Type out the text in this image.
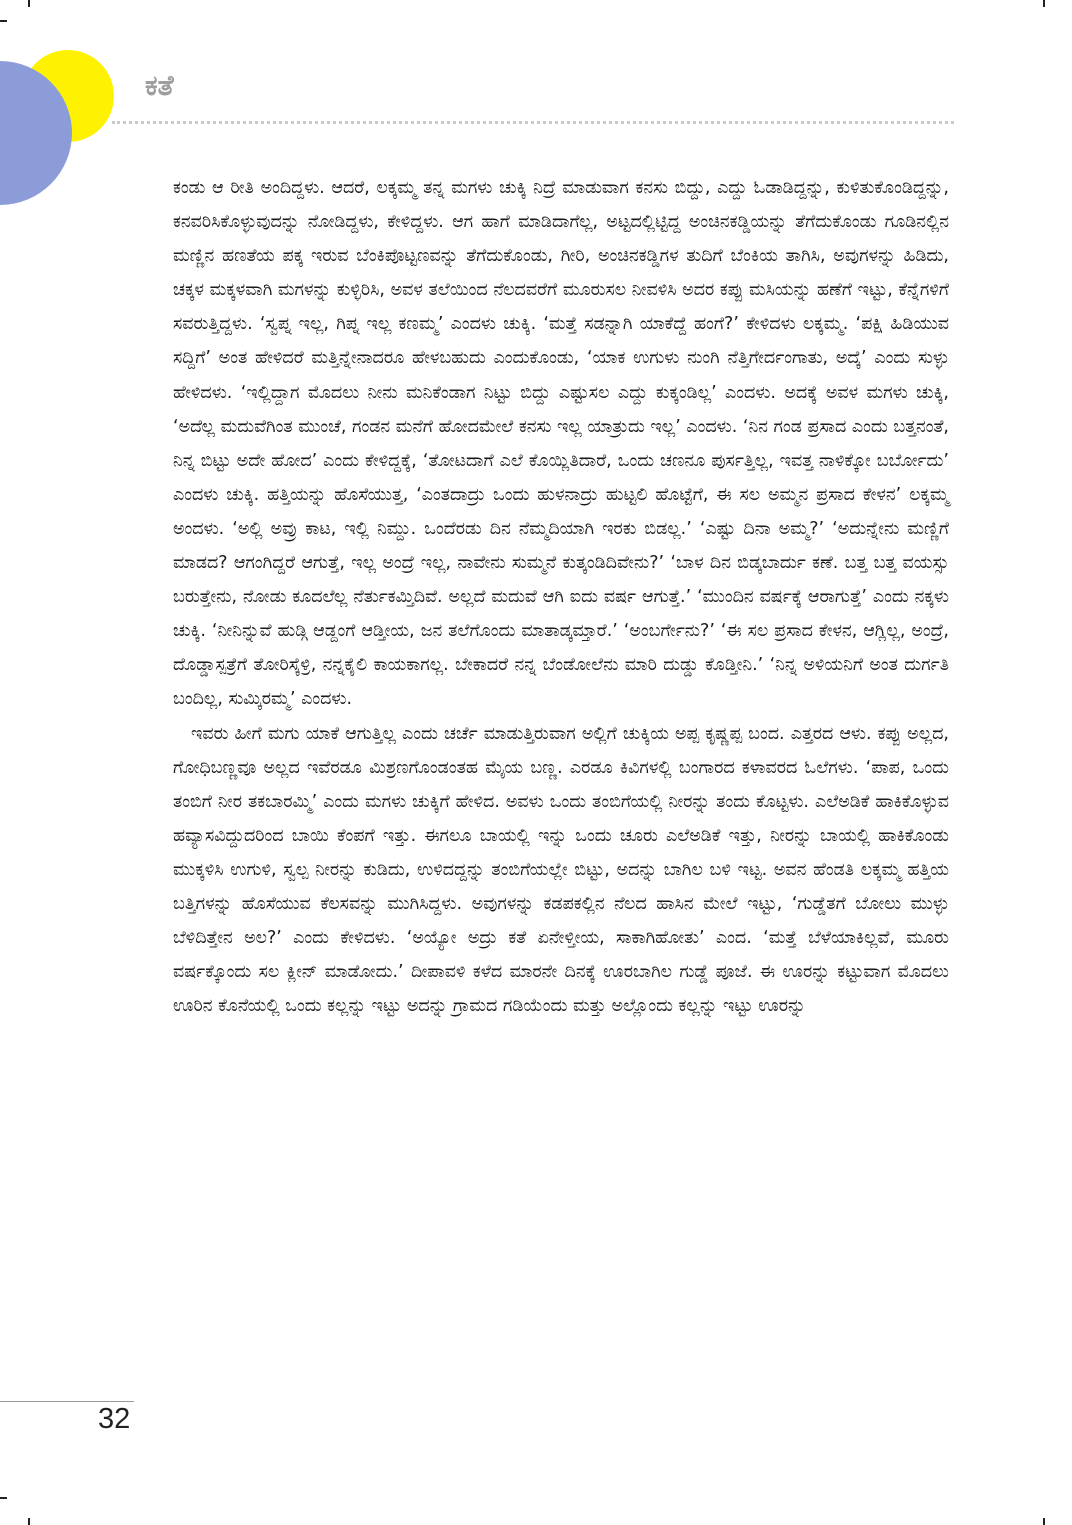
ಕತೆ

ಕಂಡು ಆ ರೀತಿ ಅಂದಿದ್ದಳು. ಆದರೆ, ಲಕ್ಕಮ್ಮ ತನ್ನ ಮಗಳು ಚುಕ್ಕಿ ನಿದ್ರೆ ಮಾಡುವಾಗ ಕನಸು ಬಿದ್ದು, ಎದ್ದು ಓಡಾಡಿದ್ದನ್ನು, ಕುಳಿತುಕೊಂಡಿದ್ದನ್ನು, ಕನವರಿಸಿಕೊಳ್ಳುವುದನ್ನು ನೋಡಿದ್ದಳು, ಕೇಳಿದ್ದಳು. ಆಗ ಹಾಗೆ ಮಾಡಿದಾಗೆಲ್ಲ, ಅಟ್ಟದಲ್ಲಿಟ್ಟಿದ್ದ ಅಂಚಿನಕಡ್ಡಿಯನ್ನು ತೆಗೆದುಕೊಂಡು ಗೂಡಿನಲ್ಲಿನ ಮಣ್ಣಿನ ಹಣತೆಯ ಪಕ್ಕ ಇರುವ ಬೆಂಕಿಪೊಟ್ಟಣವನ್ನು ತೆಗೆದುಕೊಂಡು, ಗೀರಿ, ಅಂಚಿನಕಡ್ಡಿಗಳ ತುದಿಗೆ ಬೆಂಕಿಯ ತಾಗಿಸಿ, ಅವುಗಳನ್ನು ಹಿಡಿದು, ಚಕ್ಕಳ ಮಕ್ಕಳವಾಗಿ ಮಗಳನ್ನು ಕುಳ್ಳಿರಿಸಿ, ಅವಳ ತಲೆಯಿಂದ ನೆಲದವರೆಗೆ ಮೂರುಸಲ ನೀವಳಿಸಿ ಅದರ ಕಪ್ಪು ಮಸಿಯನ್ನು ಹಣೆಗೆ ಇಟ್ಟು, ಕೆನ್ನೆಗಳಿಗೆ ಸವರುತ್ತಿದ್ದಳು. ‘ಸ್ವಪ್ನ ಇಲ್ಲ, ಗಿಪ್ನ ಇಲ್ಲ ಕಣಮ್ಮ’ ಎಂದಳು ಚುಕ್ಕಿ. ‘ಮತ್ತೆ ಸಡನ್ನಾಗಿ ಯಾಕೆದ್ದೆ ಹಂಗೆ?’ ಕೇಳಿದಳು ಲಕ್ಕಮ್ಮ. ‘ಪಕ್ಷಿ ಹಿಡಿಯುವ ಸದ್ದಿಗೆ’ ಅಂತ ಹೇಳಿದರೆ ಮತ್ತಿನ್ನೇನಾದರೂ ಹೇಳಬಹುದು ಎಂದುಕೊಂಡು, ‘ಯಾಕ ಉಗುಳು ನುಂಗಿ ನೆತ್ತಿಗೇರ್ದಂಗಾತು, ಅದ್ಕೆ’ ಎಂದು ಸುಳ್ಳು ಹೇಳಿದಳು. ‘ಇಲ್ಲಿದ್ದಾಗ ಮೊದಲು ನೀನು ಮನಿಕೆಂಡಾಗ ನಿಟ್ಟು ಬಿದ್ದು ಎಷ್ಟುಸಲ ಎದ್ದು ಕುಕ್ಕಂಡಿಲ್ಲ’ ಎಂದಳು. ಅದಕ್ಕೆ ಅವಳ ಮಗಳು ಚುಕ್ಕಿ, ‘ಅದೆಲ್ಲ ಮದುವೆಗಿಂತ ಮುಂಚೆ, ಗಂಡನ ಮನೆಗೆ ಹೋದಮೇಲೆ ಕನಸು ಇಲ್ಲ ಯಾತ್ರುದು ಇಲ್ಲ’ ಎಂದಳು. ‘ನಿನ ಗಂಡ ಪ್ರಸಾದ ಎಂದು ಬತ್ತನಂತೆ, ನಿನ್ನ ಬಿಟ್ಟು ಅದೇ ಹೋದ’ ಎಂದು ಕೇಳಿದ್ದಕ್ಕೆ, ‘ತೋಟದಾಗೆ ಎಲೆ ಕೊಯ್ಲಿತಿದಾರೆ, ಒಂದು ಚಣನೂ ಪುರ್ಸತ್ತಿಲ್ಲ, ಇವತ್ತ ನಾಳಿಕ್ಕೋ ಬರ್ಬೋದು’ ಎಂದಳು ಚುಕ್ಕಿ. ಹತ್ತಿಯನ್ನು ಹೊಸೆಯುತ್ತ, ‘ಎಂತದಾದ್ರು ಒಂದು ಹುಳನಾದ್ರು ಹುಟ್ಟಲಿ ಹೊಟ್ಟೆಗೆ, ಈ ಸಲ ಅಮ್ಮನ ಪ್ರಸಾದ ಕೇಳನ’ ಲಕ್ಕಮ್ಮ ಅಂದಳು. ‘ಅಲ್ಲಿ ಅವ್ರು ಕಾಟ, ಇಲ್ಲಿ ನಿಮ್ದು. ಒಂದೆರಡು ದಿನ ನೆಮ್ಮದಿಯಾಗಿ ಇರಕು ಬಿಡಲ್ಲ.’ ‘ಎಷ್ಟು ದಿನಾ ಅಮ್ಮ?’ ‘ಅದುನ್ನೇನು ಮಣ್ಣಿಗೆ ಮಾಡದ? ಆಗಂಗಿದ್ದರೆ ಆಗುತ್ತೆ, ಇಲ್ಲ ಅಂದ್ರೆ ಇಲ್ಲ, ನಾವೇನು ಸುಮ್ಮನೆ ಕುತ್ಕಂಡಿದಿವೇನು?’ ‘ಬಾಳ ದಿನ ಬಿಡ್ಕಬಾರ್ದು ಕಣೆ. ಬತ್ತ ಬತ್ತ ವಯಸ್ಸು ಬರುತ್ತೇನು, ನೋಡು ಕೂದಲೆಲ್ಲ ನೆರ್ತುಕಮ್ತಿದಿವೆ. ಅಲ್ಲದೆ ಮದುವೆ ಆಗಿ ಐದು ವರ್ಷ ಆಗುತ್ತೆ.’ ‘ಮುಂದಿನ ವರ್ಷಕ್ಕೆ ಆರಾಗುತ್ತೆ’ ಎಂದು ನಕ್ಕಳು ಚುಕ್ಕಿ. ‘ನೀನಿನ್ನುವೆ ಹುಡ್ಗಿ ಆಡ್ದಂಗೆ ಆಡ್ತೀಯ, ಜನ ತಲೆಗೊಂದು ಮಾತಾಡ್ಕಮ್ತಾರೆ.’ ‘ಅಂಬರ್ಗೇನು?’ ‘ಈ ಸಲ ಪ್ರಸಾದ ಕೇಳನ, ಆಗ್ಲಿಲ್ಲ, ಅಂದ್ರೆ, ದೊಡ್ಡಾಸ್ಪತ್ರೆಗೆ ತೋರಿಸ್ಕೆಳ್ರಿ, ನನ್ನಕೈಲಿ ಕಾಯಕಾಗಲ್ಲ. ಬೇಕಾದರೆ ನನ್ನ ಬೆಂಡೋಲೆನು ಮಾರಿ ದುಡ್ಡು ಕೊಡ್ತೀನಿ.’ ‘ನಿನ್ನ ಅಳಿಯನಿಗೆ ಅಂತ ದುರ್ಗತಿ ಬಂದಿಲ್ಲ, ಸುಮ್ಕಿರಮ್ಮ’ ಎಂದಳು.

ಇವರು ಹೀಗೆ ಮಗು ಯಾಕೆ ಆಗುತ್ತಿಲ್ಲ ಎಂದು ಚರ್ಚೆ ಮಾಡುತ್ತಿರುವಾಗ ಅಲ್ಲಿಗೆ ಚುಕ್ಕಿಯ ಅಪ್ಪ ಕೃಷ್ಣಪ್ಪ ಬಂದ. ಎತ್ತರದ ಆಳು. ಕಪ್ಪು ಅಲ್ಲದ, ಗೋಧಿಬಣ್ಣವೂ ಅಲ್ಲದ ಇವೆರಡೂ ಮಿಶ್ರಣಗೊಂಡಂತಹ ಮೈಯ ಬಣ್ಣ. ಎರಡೂ ಕಿವಿಗಳಲ್ಲಿ ಬಂಗಾರದ ಕಳಾವರದ ಓಲೆಗಳು. ‘ಪಾಪ, ಒಂದು ತಂಬಿಗೆ ನೀರ ತಕಬಾರಮ್ಮಿ’ ಎಂದು ಮಗಳು ಚುಕ್ಕಿಗೆ ಹೇಳಿದ. ಅವಳು ಒಂದು ತಂಬಿಗೆಯಲ್ಲಿ ನೀರನ್ನು ತಂದು ಕೊಟ್ಟಳು. ಎಲೆಅಡಿಕೆ ಹಾಕಿಕೊಳ್ಳುವ ಹವ್ಯಾಸವಿದ್ದುದರಿಂದ ಬಾಯಿ ಕೆಂಪಗೆ ಇತ್ತು. ಈಗಲೂ ಬಾಯಲ್ಲಿ ಇನ್ನು ಒಂದು ಚೂರು ಎಲೆಅಡಿಕೆ ಇತ್ತು, ನೀರನ್ನು ಬಾಯಲ್ಲಿ ಹಾಕಿಕೊಂಡು ಮುಕ್ಕಳಿಸಿ ಉಗುಳಿ, ಸ್ವಲ್ಪ ನೀರನ್ನು ಕುಡಿದು, ಉಳಿದದ್ದನ್ನು ತಂಬಿಗೆಯಲ್ಲೇ ಬಿಟ್ಟು, ಅದನ್ನು ಬಾಗಿಲ ಬಳಿ ಇಟ್ಟ. ಅವನ ಹೆಂಡತಿ ಲಕ್ಕಮ್ಮ ಹತ್ತಿಯ ಬತ್ತಿಗಳನ್ನು ಹೊಸೆಯುವ ಕೆಲಸವನ್ನು ಮುಗಿಸಿದ್ದಳು. ಅವುಗಳನ್ನು ಕಡಪಕಲ್ಲಿನ ನೆಲದ ಹಾಸಿನ ಮೇಲೆ ಇಟ್ಟು, ‘ಗುಡ್ಡೆತಗೆ ಬೋಲು ಮುಳ್ಳು ಬೆಳಿದಿತ್ತೇನ ಅಲ?’ ಎಂದು ಕೇಳಿದಳು. ‘ಅಯ್ಯೋ ಅದ್ರು ಕತೆ ಏನೇಳ್ತೀಯ, ಸಾಕಾಗಿಹೋತು’ ಎಂದ. ‘ಮತ್ತೆ ಬೆಳೆಯಾಕಿಲ್ಲವೆ, ಮೂರು ವರ್ಷಕ್ಕೊಂದು ಸಲ ಕ್ಲೀನ್ ಮಾಡೋದು.’ ದೀಪಾವಳಿ ಕಳೆದ ಮಾರನೇ ದಿನಕ್ಕೆ ಊರಬಾಗಿಲ ಗುಡ್ಡೆ ಪೂಜೆ. ಈ ಊರನ್ನು ಕಟ್ಟುವಾಗ ಮೊದಲು ಊರಿನ ಕೊನೆಯಲ್ಲಿ ಒಂದು ಕಲ್ಲನ್ನು ಇಟ್ಟು ಅದನ್ನು ಗ್ರಾಮದ ಗಡಿಯೆಂದು ಮತ್ತು ಅಲ್ಲೊಂದು ಕಲ್ಲನ್ನು ಇಟ್ಟು ಊರನ್ನು

32
